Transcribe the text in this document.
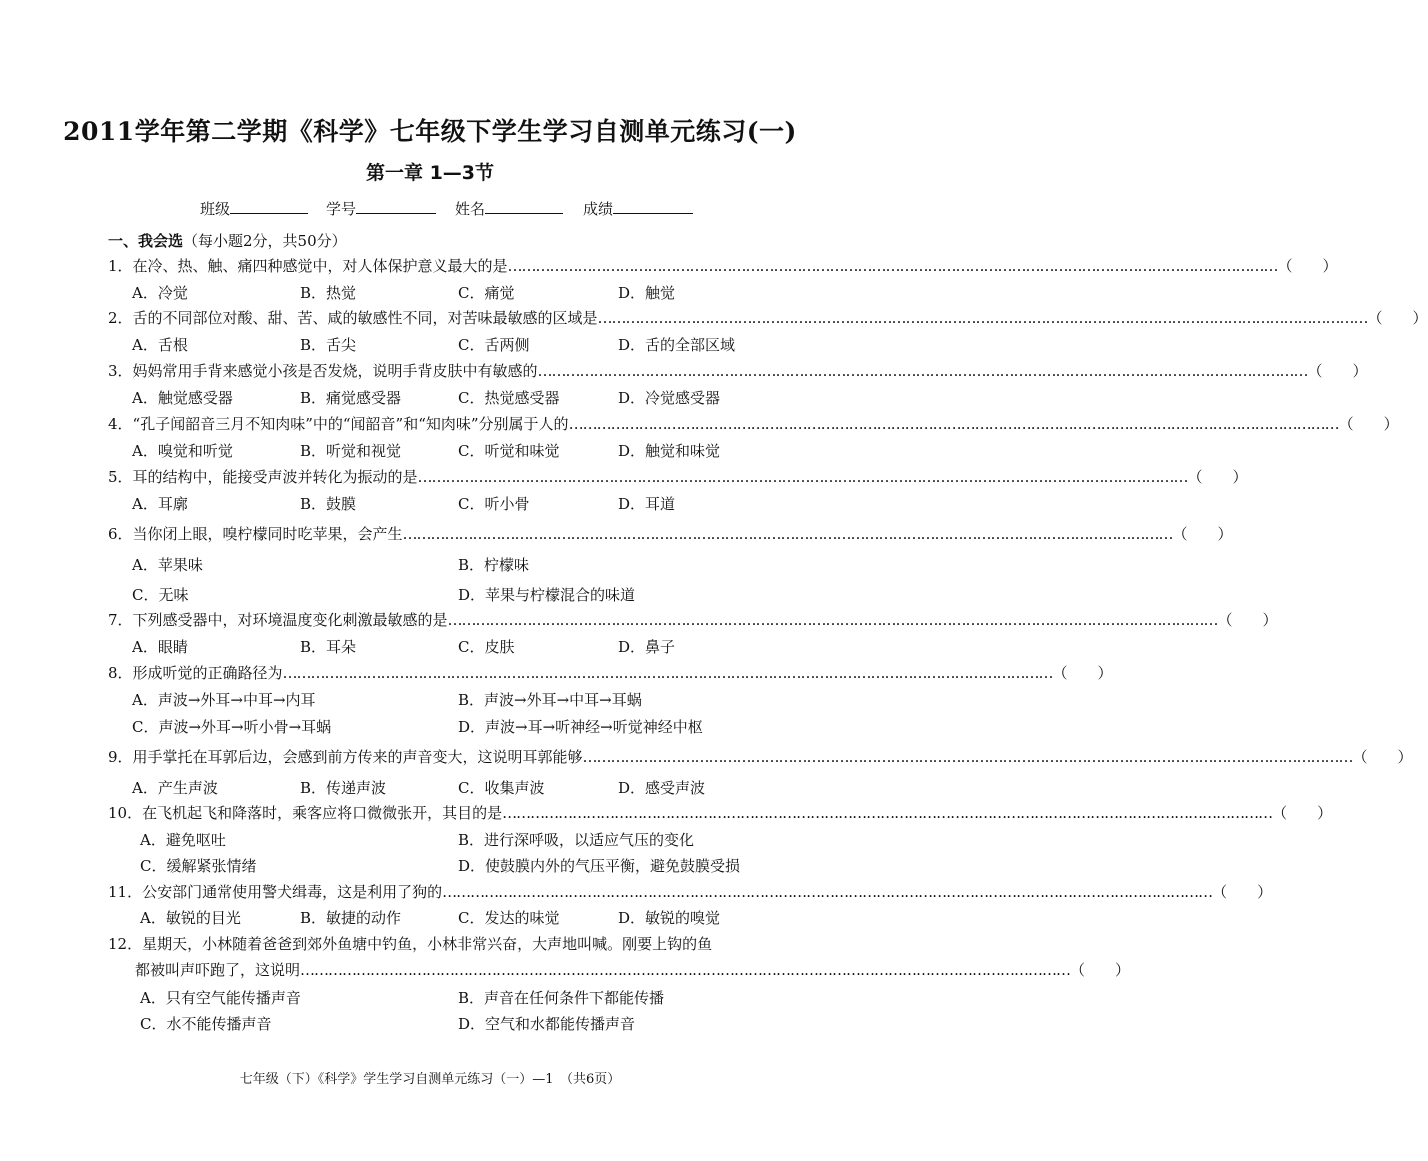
2011学年第二学期《科学》七年级下学生学习自测单元练习(一)
第一章 1—3节
班级	学号	姓名	成绩
一、我会选（每小题2分，共50分）
1．在冷、热、触、痛四种感觉中，对人体保护意义最大的是 ………………………………………………………………………………………………………………………………………………… （　　）
A．冷觉	B．热觉	C．痛觉	D．触觉
2．舌的不同部位对酸、甜、苦、咸的敏感性不同，对苦味最敏感的区域是 ………………………………………………………………………………………………………………………………………………… （　　）
A．舌根	B．舌尖	C．舌两侧	D．舌的全部区域
3．妈妈常用手背来感觉小孩是否发烧，说明手背皮肤中有敏感的 ………………………………………………………………………………………………………………………………………………… （　　）
A．触觉感受器	B．痛觉感受器	C．热觉感受器	D．冷觉感受器
4．“孔子闻韶音三月不知肉味”中的“闻韶音”和“知肉味”分别属于人的 ………………………………………………………………………………………………………………………………………………… （　　）
A．嗅觉和听觉	B．听觉和视觉	C．听觉和味觉	D．触觉和味觉
5．耳的结构中，能接受声波并转化为振动的是 ………………………………………………………………………………………………………………………………………………… （　　）
A．耳廓	B．鼓膜	C．听小骨	D．耳道
6．当你闭上眼，嗅柠檬同时吃苹果，会产生 ………………………………………………………………………………………………………………………………………………… （　　）
A．苹果味	B．柠檬味
C．无味	D．苹果与柠檬混合的味道
7．下列感受器中，对环境温度变化刺激最敏感的是 ………………………………………………………………………………………………………………………………………………… （　　）
A．眼睛	B．耳朵	C．皮肤	D．鼻子
8．形成听觉的正确路径为 ………………………………………………………………………………………………………………………………………………… （　　）
A．声波→外耳→中耳→内耳	B．声波→外耳→中耳→耳蜗
C．声波→外耳→听小骨→耳蜗	D．声波→耳→听神经→听觉神经中枢
9．用手掌托在耳郭后边，会感到前方传来的声音变大，这说明耳郭能够 ………………………………………………………………………………………………………………………………………………… （　　）
A．产生声波	B．传递声波	C．收集声波	D．感受声波
10．在飞机起飞和降落时，乘客应将口微微张开，其目的是 ………………………………………………………………………………………………………………………………………………… （　　）
A．避免呕吐	B．进行深呼吸，以适应气压的变化
C．缓解紧张情绪	D．使鼓膜内外的气压平衡，避免鼓膜受损
11．公安部门通常使用警犬缉毒，这是利用了狗的 ………………………………………………………………………………………………………………………………………………… （　　）
A．敏锐的目光	B．敏捷的动作	C．发达的味觉	D．敏锐的嗅觉
12．星期天，小林随着爸爸到郊外鱼塘中钓鱼，小林非常兴奋，大声地叫喊。刚要上钩的鱼
都被叫声吓跑了，这说明 ………………………………………………………………………………………………………………………………………………… （　　）
A．只有空气能传播声音	B．声音在任何条件下都能传播
C．水不能传播声音	D．空气和水都能传播声音
七年级（下）《科学》学生学习自测单元练习（一）—1　（共6页）
